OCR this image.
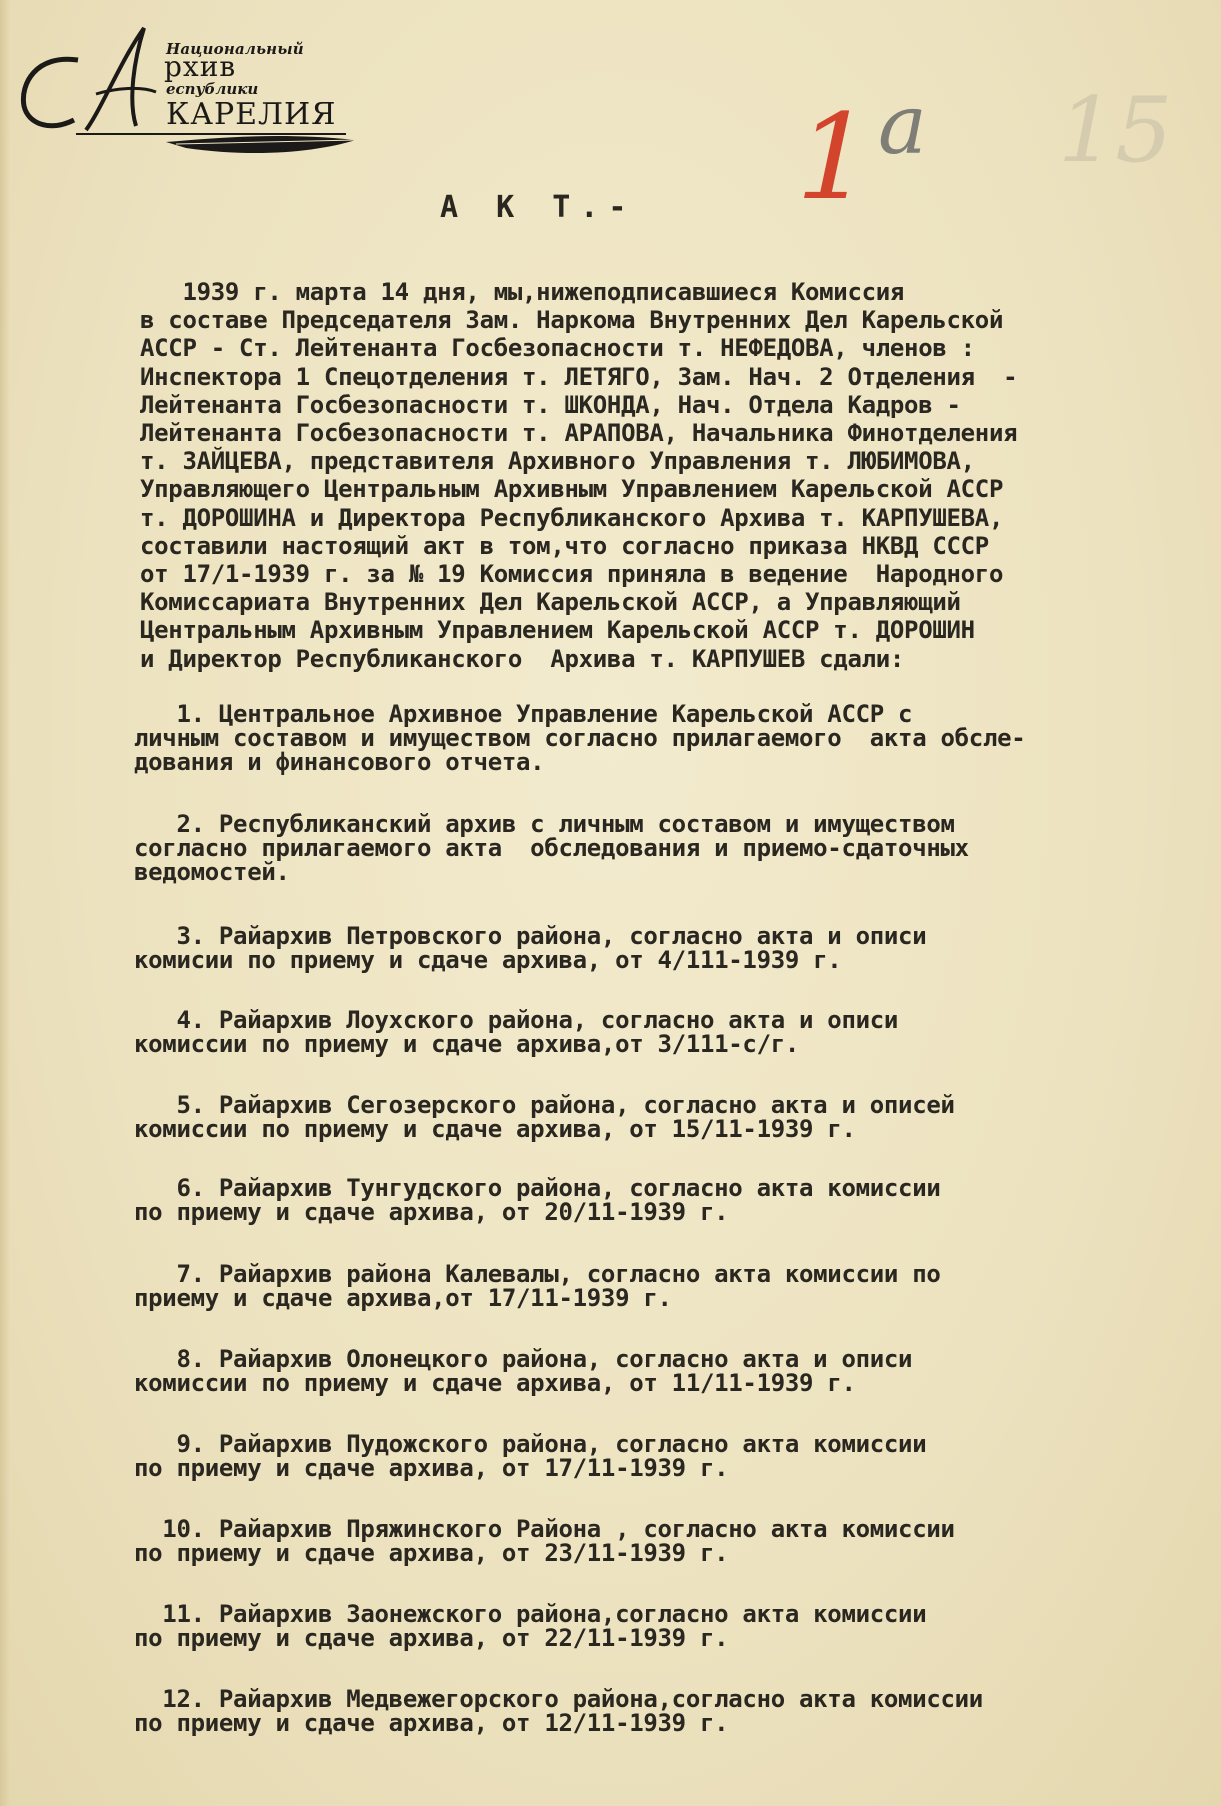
Национальный
рхив
еспублики
КАРЕЛИЯ	1
а 15
А К Т.-
1939 г. марта 14 дня, мы,нижеподписавшиеся Комиссия
в составе Председателя Зам. Наркома Внутренних Дел Карельской
АССР - Ст. Лейтенанта Госбезопасности т. НЕФЕДОВА, членов :
Инспектора 1 Спецотделения т. ЛЕТЯГО, Зам. Нач. 2 Отделения  -
Лейтенанта Госбезопасности т. ШКОНДА, Нач. Отдела Кадров -
Лейтенанта Госбезопасности т. АРАПОВА, Начальника Финотделения
т. ЗАЙЦЕВА, представителя Архивного Управления т. ЛЮБИМОВА,
Управляющего Центральным Архивным Управлением Карельской АССР
т. ДОРОШИНА и Директора Республиканского Архива т. КАРПУШЕВА,
составили настоящий акт в том,что согласно приказа НКВД СССР
от 17/1-1939 г. за № 19 Комиссия приняла в ведение  Народного
Комиссариата Внутренних Дел Карельской АССР, а Управляющий
Центральным Архивным Управлением Карельской АССР т. ДОРОШИН
и Директор Республиканского  Архива т. КАРПУШЕВ сдали:
1. Центральное Архивное Управление Карельской АССР с
личным составом и имуществом согласно прилагаемого  акта обсле-
дования и финансового отчета.
2. Республиканский архив с личным составом и имуществом
согласно прилагаемого акта  обследования и приемо-сдаточных
ведомостей.
3. Райархив Петровского района, согласно акта и описи
комисии по приему и сдаче архива, от 4/111-1939 г.
4. Райархив Лоухского района, согласно акта и описи
комиссии по приему и сдаче архива,от 3/111-с/г.
5. Райархив Сегозерского района, согласно акта и описей
комиссии по приему и сдаче архива, от 15/11-1939 г.
6. Райархив Тунгудского района, согласно акта комиссии
по приему и сдаче архива, от 20/11-1939 г.
7. Райархив района Калевалы, согласно акта комиссии по
приему и сдаче архива,от 17/11-1939 г.
8. Райархив Олонецкого района, согласно акта и описи
комиссии по приему и сдаче архива, от 11/11-1939 г.
9. Райархив Пудожского района, согласно акта комиссии
по приему и сдаче архива, от 17/11-1939 г.
10. Райархив Пряжинского Района , согласно акта комиссии
по приему и сдаче архива, от 23/11-1939 г.
11. Райархив Заонежского района,согласно акта комиссии
по приему и сдаче архива, от 22/11-1939 г.
12. Райархив Медвежегорского района,согласно акта комиссии
по приему и сдаче архива, от 12/11-1939 г.
